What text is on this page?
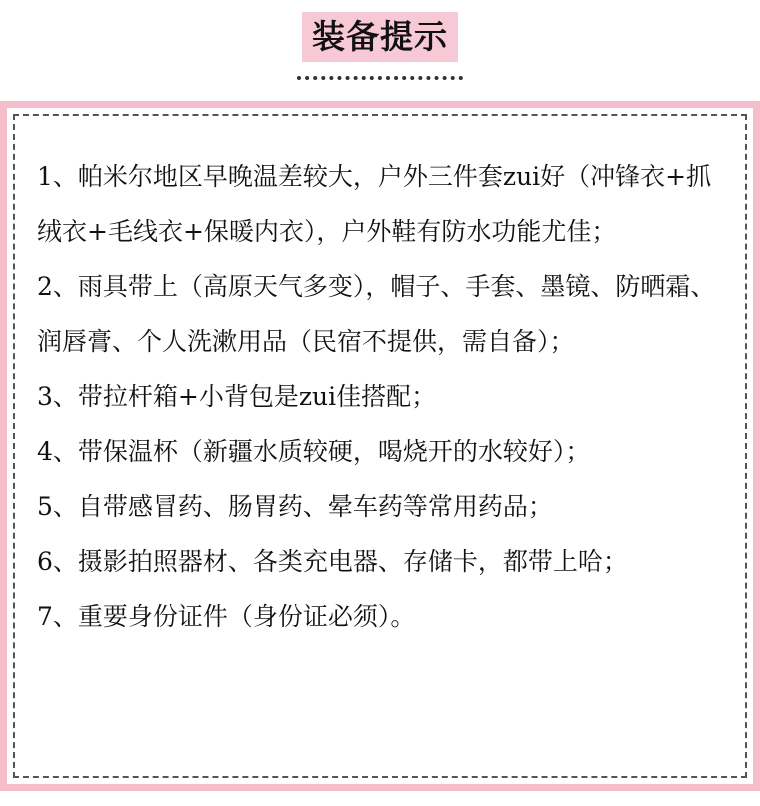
装备提示
1、帕米尔地区早晚温差较大，户外三件套zui好（冲锋衣+抓绒衣+毛线衣+保暖内衣），户外鞋有防水功能尤佳；
2、雨具带上（高原天气多变），帽子、手套、墨镜、防晒霜、润唇膏、个人洗漱用品（民宿不提供，需自备）；
3、带拉杆箱+小背包是zui佳搭配；
4、带保温杯（新疆水质较硬，喝烧开的水较好）；
5、自带感冒药、肠胃药、晕车药等常用药品；
6、摄影拍照器材、各类充电器、存储卡，都带上哈；
7、重要身份证件（身份证必须）。
